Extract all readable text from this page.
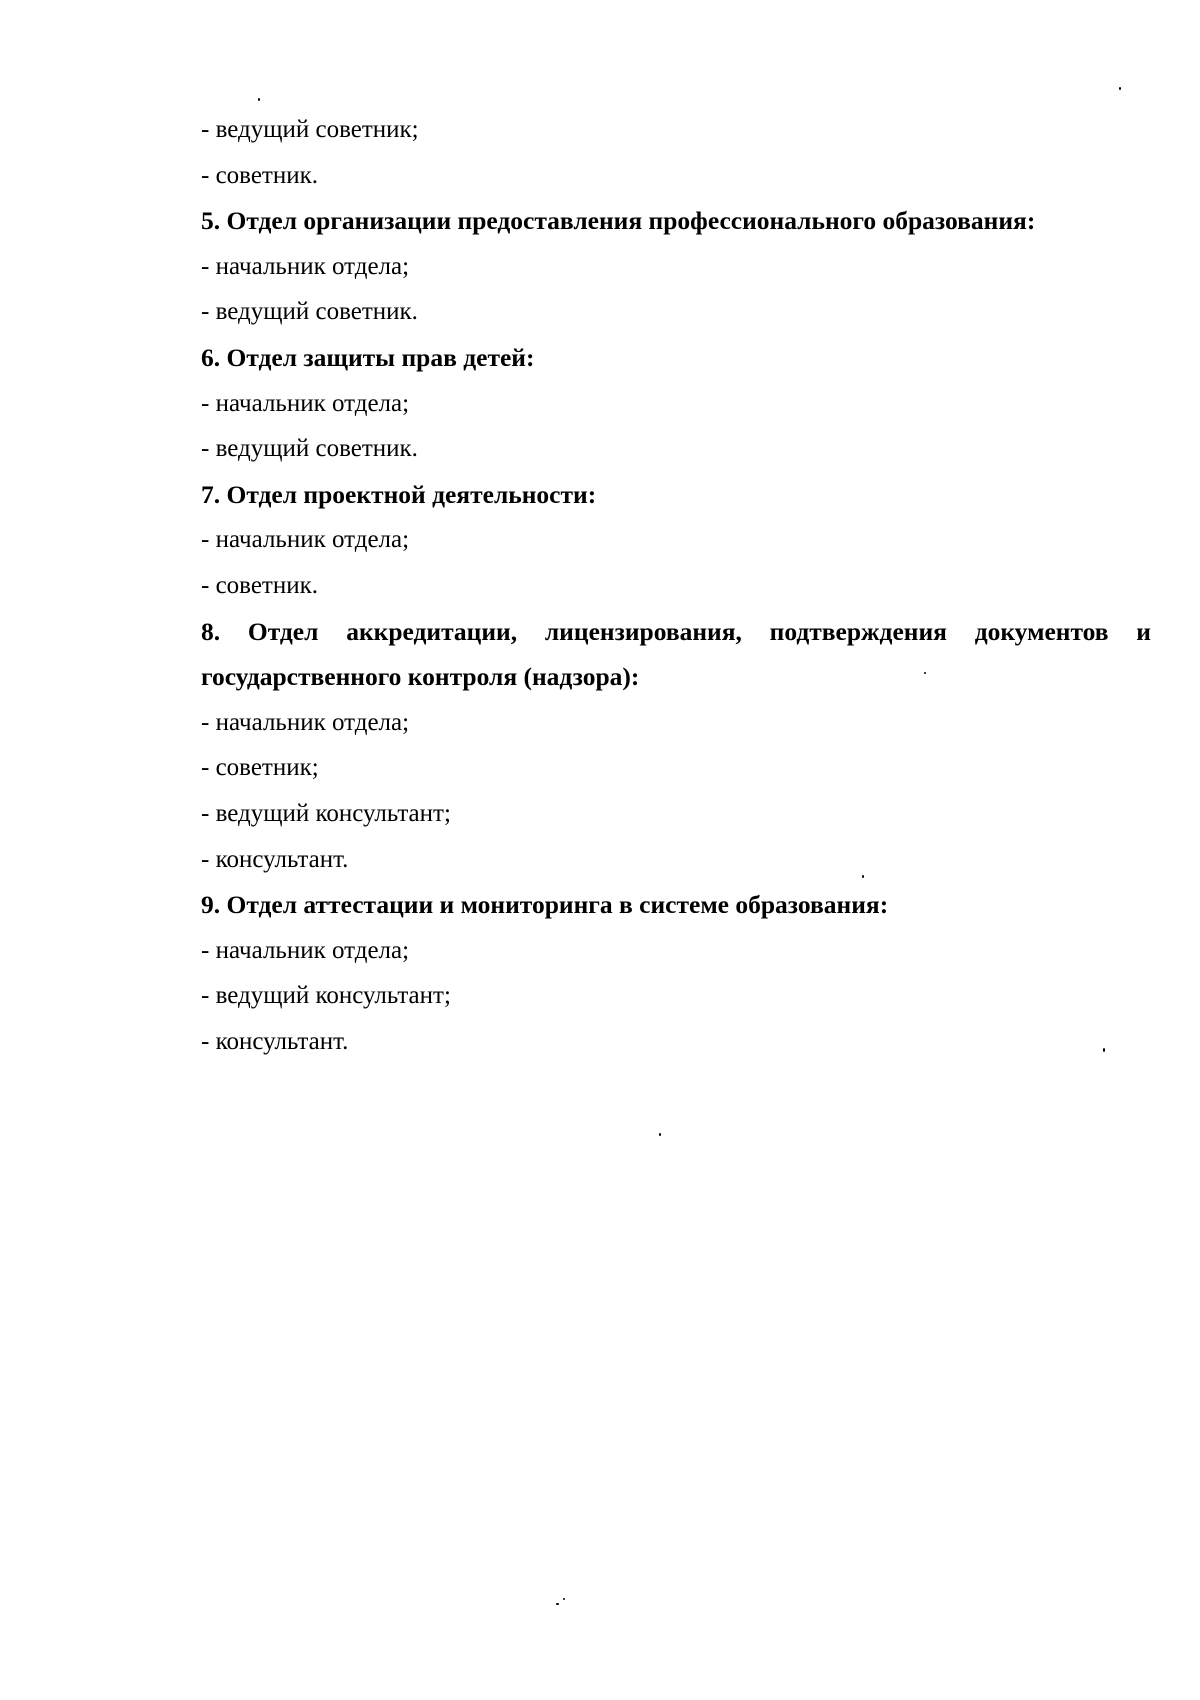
- ведущий советник;
- советник.
5. Отдел организации предоставления профессионального образования:
- начальник отдела;
- ведущий советник.
6. Отдел защиты прав детей:
- начальник отдела;
- ведущий советник.
7. Отдел проектной деятельности:
- начальник отдела;
- советник.
8. Отдел аккредитации, лицензирования, подтверждения документов и государственного контроля (надзора):
- начальник отдела;
- советник;
- ведущий консультант;
- консультант.
9. Отдел аттестации и мониторинга в системе образования:
- начальник отдела;
- ведущий консультант;
- консультант.
